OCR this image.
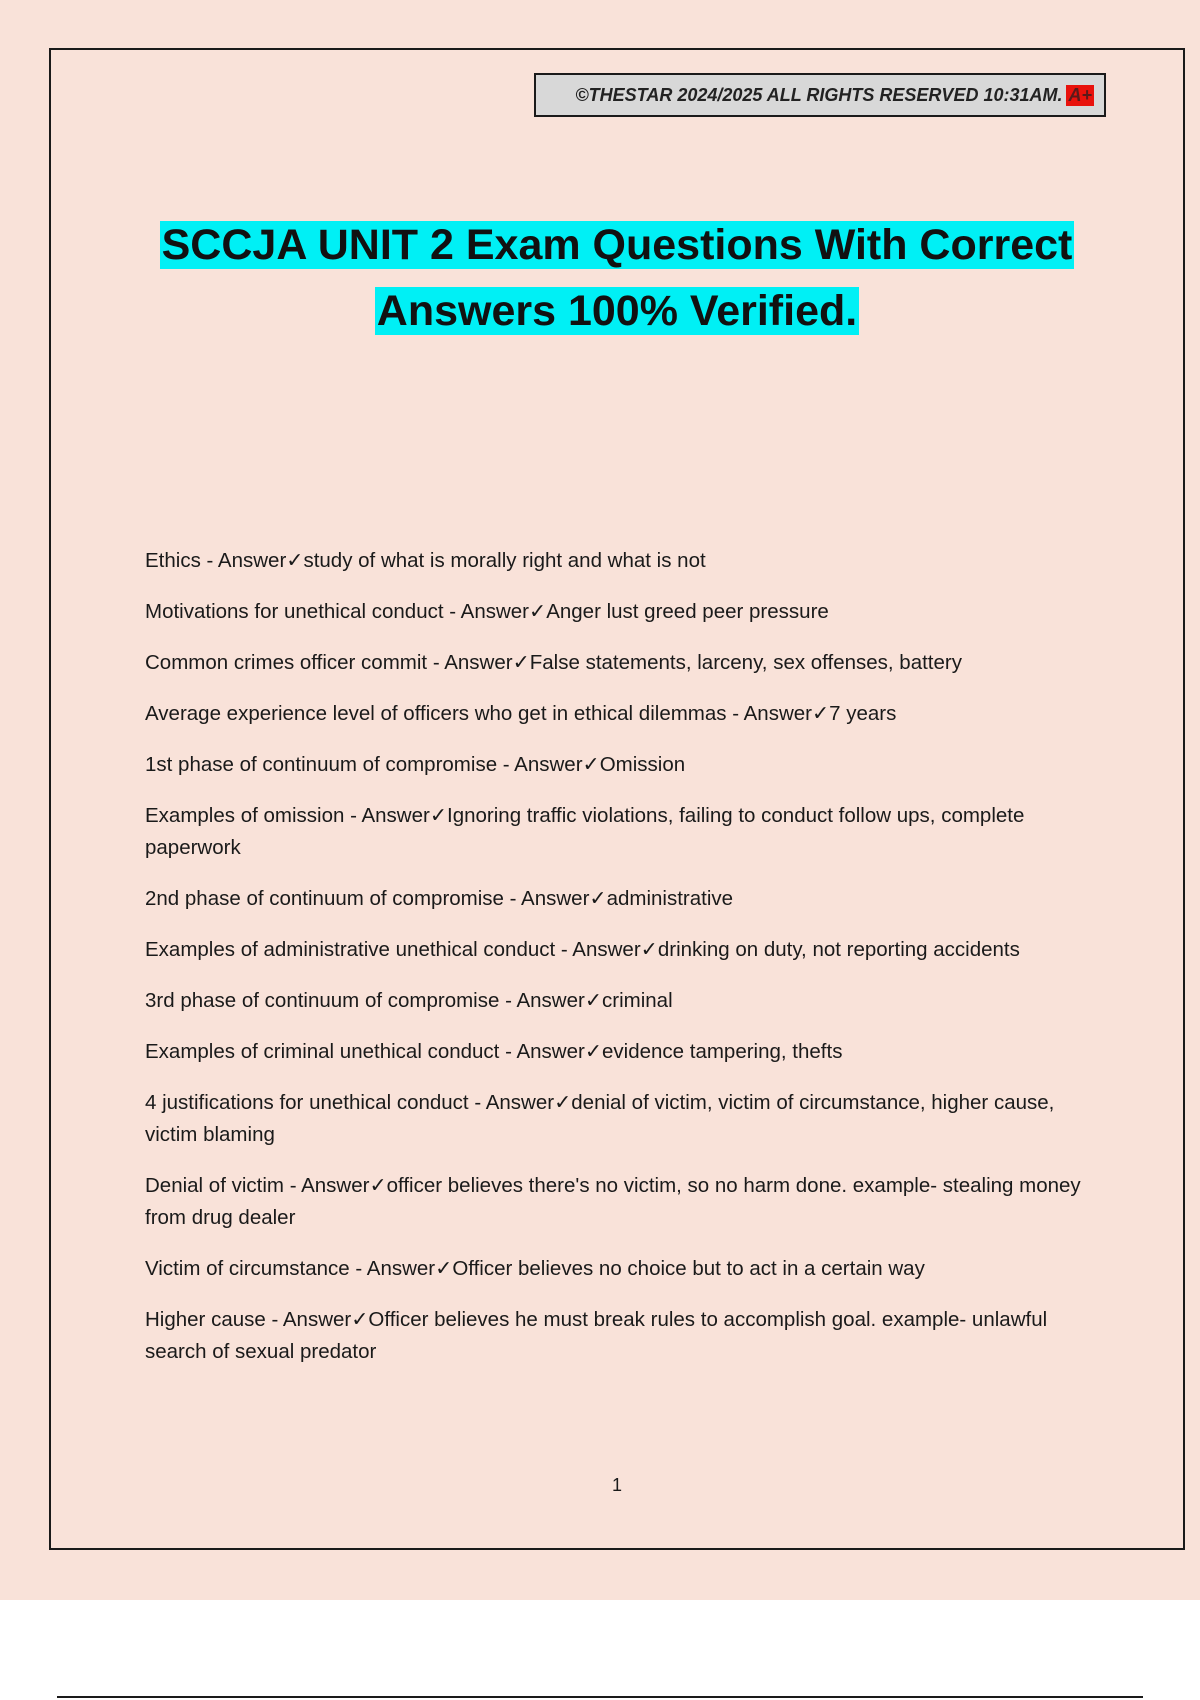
©THESTAR 2024/2025 ALL RIGHTS RESERVED 10:31AM. A+
SCCJA UNIT 2 Exam Questions With Correct
Answers 100% Verified.
Ethics - Answer✓study of what is morally right and what is not
Motivations for unethical conduct - Answer✓Anger lust greed peer pressure
Common crimes officer commit - Answer✓False statements, larceny, sex offenses, battery
Average experience level of officers who get in ethical dilemmas - Answer✓7 years
1st phase of continuum of compromise - Answer✓Omission
Examples of omission - Answer✓Ignoring traffic violations, failing to conduct follow ups, complete paperwork
2nd phase of continuum of compromise - Answer✓administrative
Examples of administrative unethical conduct - Answer✓drinking on duty, not reporting accidents
3rd phase of continuum of compromise - Answer✓criminal
Examples of criminal unethical conduct - Answer✓evidence tampering, thefts
4 justifications for unethical conduct - Answer✓denial of victim, victim of circumstance, higher cause, victim blaming
Denial of victim - Answer✓officer believes there's no victim, so no harm done. example- stealing money from drug dealer
Victim of circumstance - Answer✓Officer believes no choice but to act in a certain way
Higher cause - Answer✓Officer believes he must break rules to accomplish goal. example- unlawful search of sexual predator
1
